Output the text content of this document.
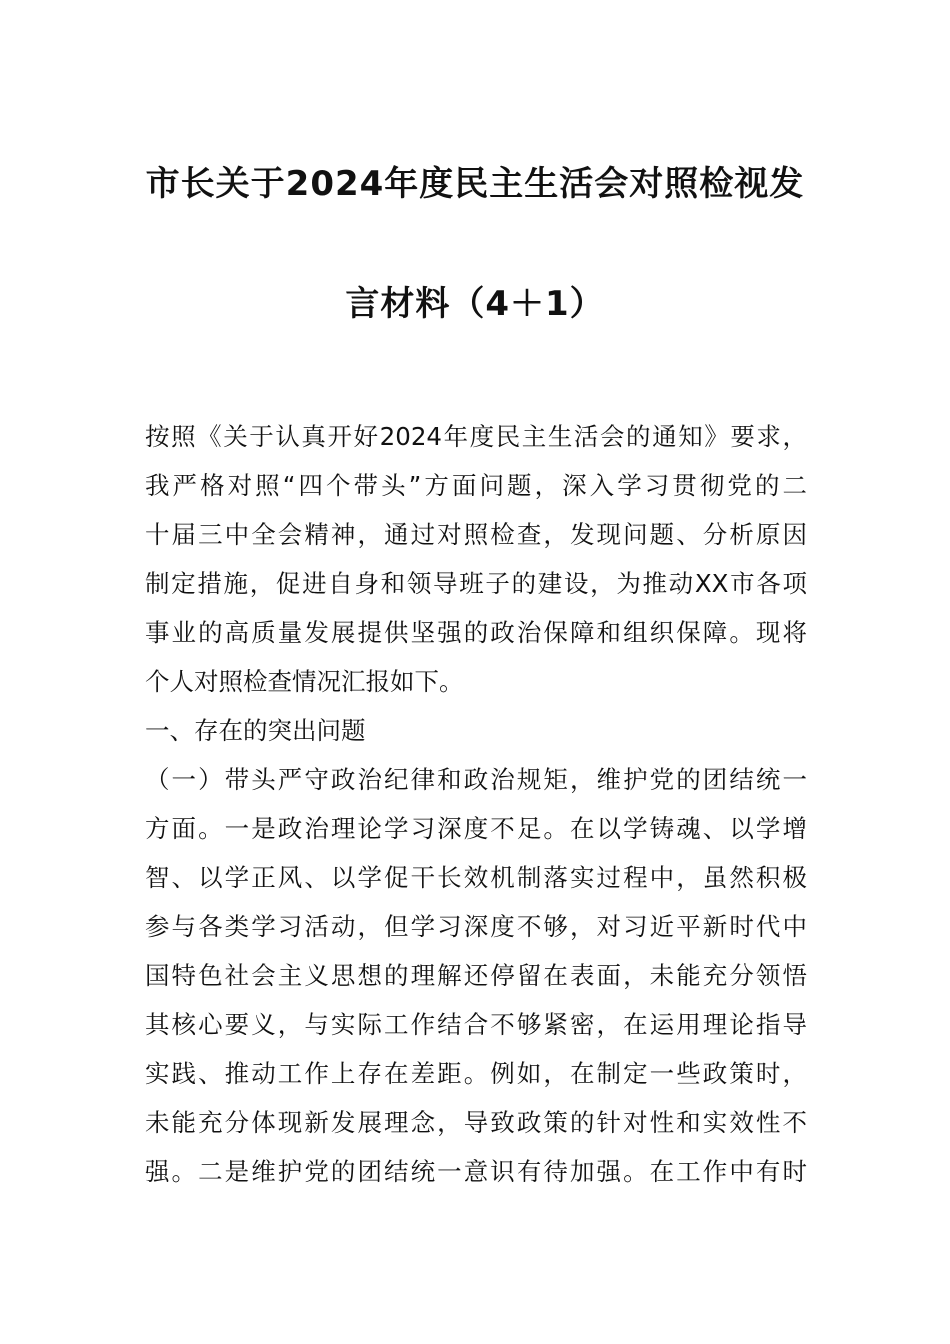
市长关于2024年度民主生活会对照检视发
言材料（4＋1）
按照《关于认真开好2024年度民主生活会的通知》要求，
我严格对照“四个带头”方面问题，深入学习贯彻党的二
十届三中全会精神，通过对照检查，发现问题、分析原因
制定措施，促进自身和领导班子的建设，为推动XX市各项
事业的高质量发展提供坚强的政治保障和组织保障。现将
个人对照检查情况汇报如下。
一、存在的突出问题
（一）带头严守政治纪律和政治规矩，维护党的团结统一
方面。一是政治理论学习深度不足。在以学铸魂、以学增
智、以学正风、以学促干长效机制落实过程中，虽然积极
参与各类学习活动，但学习深度不够，对习近平新时代中
国特色社会主义思想的理解还停留在表面，未能充分领悟
其核心要义，与实际工作结合不够紧密，在运用理论指导
实践、推动工作上存在差距。例如，在制定一些政策时，
未能充分体现新发展理念，导致政策的针对性和实效性不
强。二是维护党的团结统一意识有待加强。在工作中有时
